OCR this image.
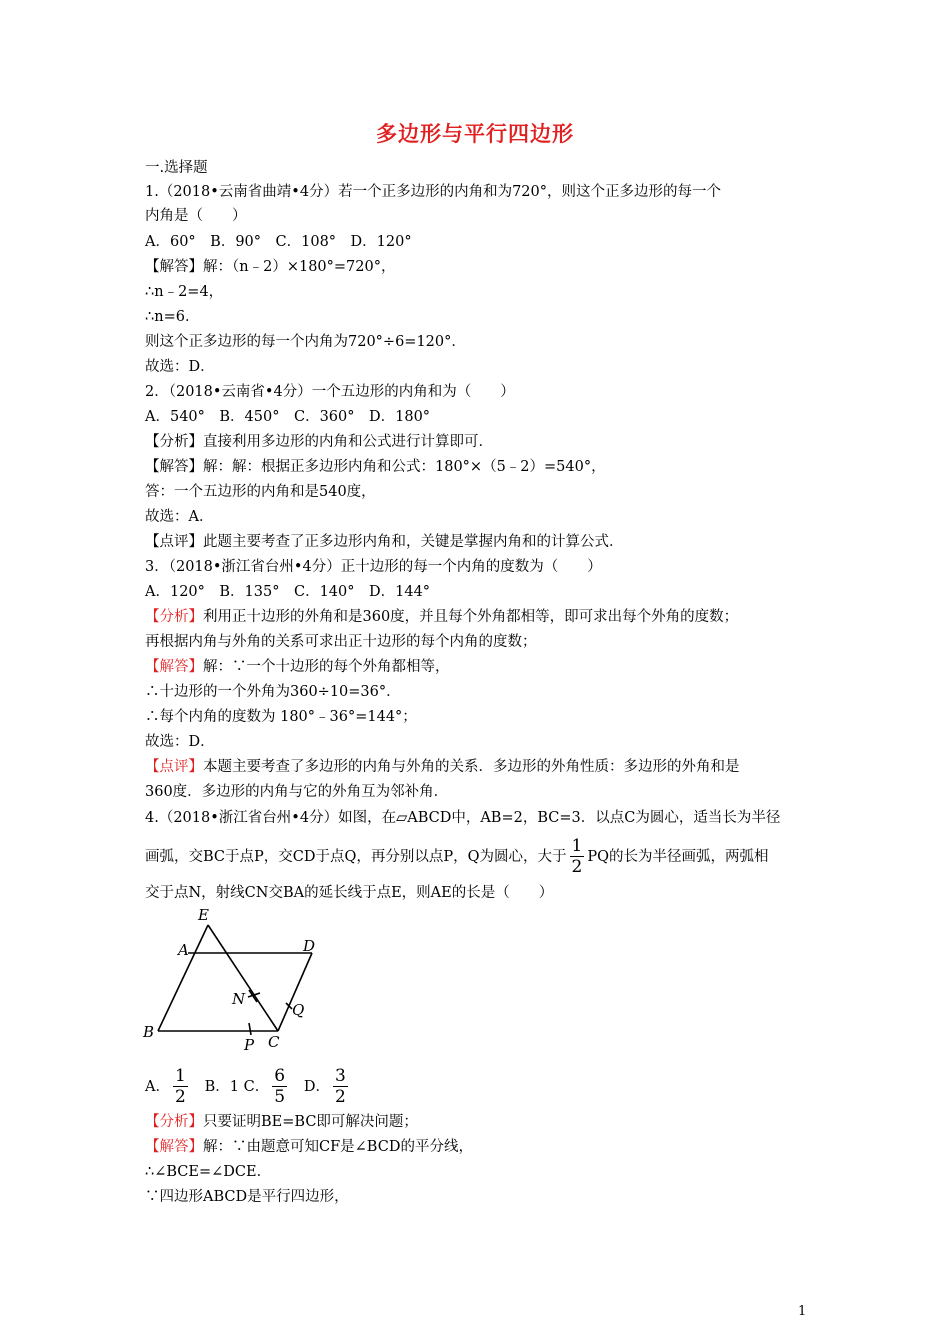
多边形与平行四边形
一.选择题
1.（2018•云南省曲靖•4分）若一个正多边形的内角和为720°，则这个正多边形的每一个
内角是（　　）
A．60°　B．90°　C．108°　D．120°
【解答】解：（n﹣2）×180°=720°，
∴n﹣2=4，
∴n=6．
则这个正多边形的每一个内角为720°÷6=120°．
故选：D．
2．（2018•云南省•4分）一个五边形的内角和为（　　）
A．540°　B．450°　C．360°　D．180°
【分析】直接利用多边形的内角和公式进行计算即可．
【解答】解：解：根据正多边形内角和公式：180°×（5﹣2）=540°，
答：一个五边形的内角和是540度，
故选：A．
【点评】此题主要考查了正多边形内角和，关键是掌握内角和的计算公式．
3．（2018•浙江省台州•4分）正十边形的每一个内角的度数为（　　）
A．120°　B．135°　C．140°　D．144°
【分析】利用正十边形的外角和是360度，并且每个外角都相等，即可求出每个外角的度数；
再根据内角与外角的关系可求出正十边形的每个内角的度数；
【解答】解：∵一个十边形的每个外角都相等，
∴十边形的一个外角为360÷10=36°．
∴每个内角的度数为 180°﹣36°=144°；
故选：D．
【点评】本题主要考查了多边形的内角与外角的关系．多边形的外角性质：多边形的外角和是
360度．多边形的内角与它的外角互为邻补角．
4.（2018•浙江省台州•4分）如图，在▱ABCD中，AB=2，BC=3．以点C为圆心，适当长为半径
画弧，交BC于点P，交CD于点Q，再分别以点P，Q为圆心，大于 $\frac{1}{2}$ PQ的长为半径画弧，两弧相
交于点N，射线CN交BA的延长线于点E，则AE的长是（　　）
E
A	D
N
Q
B
P C
A． $\frac{1}{2}$ B．1 C． $\frac{6}{5}$ D． $\frac{3}{2}$
【分析】只要证明BE=BC即可解决问题；
【解答】解：∵由题意可知CF是∠BCD的平分线，
∴∠BCE=∠DCE．
∵四边形ABCD是平行四边形，
1
